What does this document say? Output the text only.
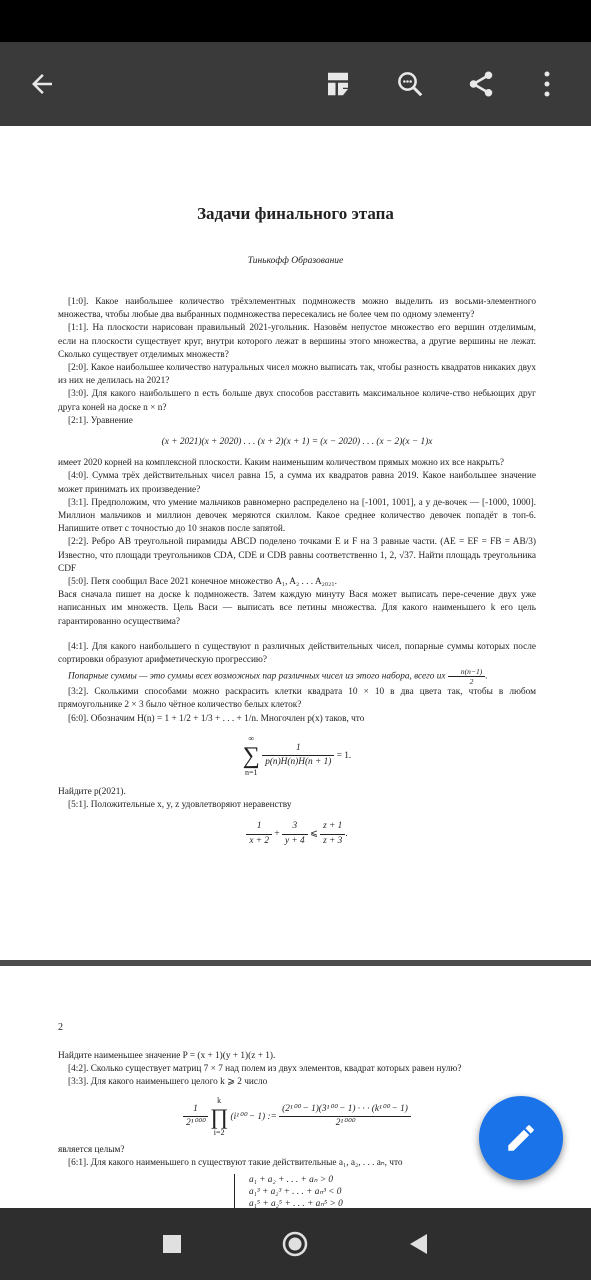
Задачи финального этапа
Тинькофф Образование

[1:0]. Какое наибольшее количество трёхэлементных подмножеств можно выделить из восьми-элементного множества, чтобы любые два выбранных подмножества пересекались не более чем по одному элементу?

[1:1]. На плоскости нарисован правильный 2021-угольник. Назовём непустое множество его вершин отделимым, если на плоскости существует круг, внутри которого лежат в вершины этого множества, а другие вершины не лежат. Сколько существует отделимых множеств?

[2:0]. Какое наибольшее количество натуральных чисел можно выписать так, чтобы разность квадратов никаких двух из них не делилась на 2021?

[3:0]. Для какого наибольшего n есть больше двух способов расставить максимальное количе-ство небьющих друг друга коней на доске n × n?

[2:1]. Уравнение

(x + 2021)(x + 2020) . . . (x + 2)(x + 1) = (x − 2020) . . . (x − 2)(x − 1)x

имеет 2020 корней на комплексной плоскости. Каким наименьшим количеством прямых можно их все накрыть?

[4:0]. Сумма трёх действительных чисел равна 15, а сумма их квадратов равна 2019. Какое наибольшее значение может принимать их произведение?

[3:1]. Предположим, что умение мальчиков равномерно распределено на [-1001, 1001], а у де-вочек — [-1000, 1000]. Миллион мальчиков и миллион девочек меряются скиллом. Какое среднее количество девочек попадёт в топ-6. Напишите ответ с точностью до 10 знаков после запятой.

[2:2]. Ребро AB треугольной пирамиды ABCD поделено точками E и F на 3 равные части. (AE = EF = FB = AB/3) Известно, что площади треугольников CDA, CDE и CDB равны соответственно 1, 2, √37. Найти площадь треугольника CDF

[5:0]. Петя сообщил Васе 2021 конечное множество A₁, A₂ . . . A₂₀₂₁.

Вася сначала пишет на доске k подмножеств. Затем каждую минуту Вася может выписать пере-сечение двух уже написанных им множеств. Цель Васи — выписать все петины множества. Для какого наименьшего k его цель гарантированно осуществима?

[4:1]. Для какого наибольшего n существуют n различных действительных чисел, попарные суммы которых после сортировки образуют арифметическую прогрессию?

Попарные суммы — это суммы всех возможных пар различных чисел из этого набора, всего их $\frac{n(n-1)}{2}$ .

[3:2]. Сколькими способами можно раскрасить клетки квадрата 10 × 10 в два цвета так, чтобы в любом прямоугольнике 2 × 3 было чётное количество белых клеток?

[6:0]. Обозначим H(n) = 1 + 1/2 + 1/3 + . . . + 1/n. Многочлен p(x) таков, что

∞
∑
n=1

$\frac{1}{p(n)H(n)H(n + 1)} = 1$.

Найдите p(2021).

[5:1]. Положительные x, y, z удовлетворяют неравенству

$\frac{1}{x + 2} + \frac{3}{y + 4}$ ⩽ $\frac{z + 1}{z + 3}$ .
2

Найдите наименьшее значение P = (x + 1)(y + 1)(z + 1).

[4:2]. Сколько существует матриц 7 × 7 над полем из двух элементов, квадрат которых равен нулю?

[3:3]. Для какого наименьшего целого k ⩾ 2 число

$\frac{1}{\text{2¹⁰⁰⁰}}$

k
∏
i=2
(i¹⁰⁰ − 1) := $\frac{\text{(2¹⁰⁰ − 1)(3¹⁰⁰ − 1) · · · (k¹⁰⁰ − 1)}}{\text{2¹⁰⁰⁰}}$

является целым?

[6:1]. Для какого наименьшего n существуют такие действительные a₁, a₂, . . . aₙ, что

a₁ + a₂ + . . . + aₙ > 0
a₁³ + a₂³ + . . . + aₙ³ < 0
a₁⁵ + a₂⁵ + . . . + aₙ⁵ > 0
